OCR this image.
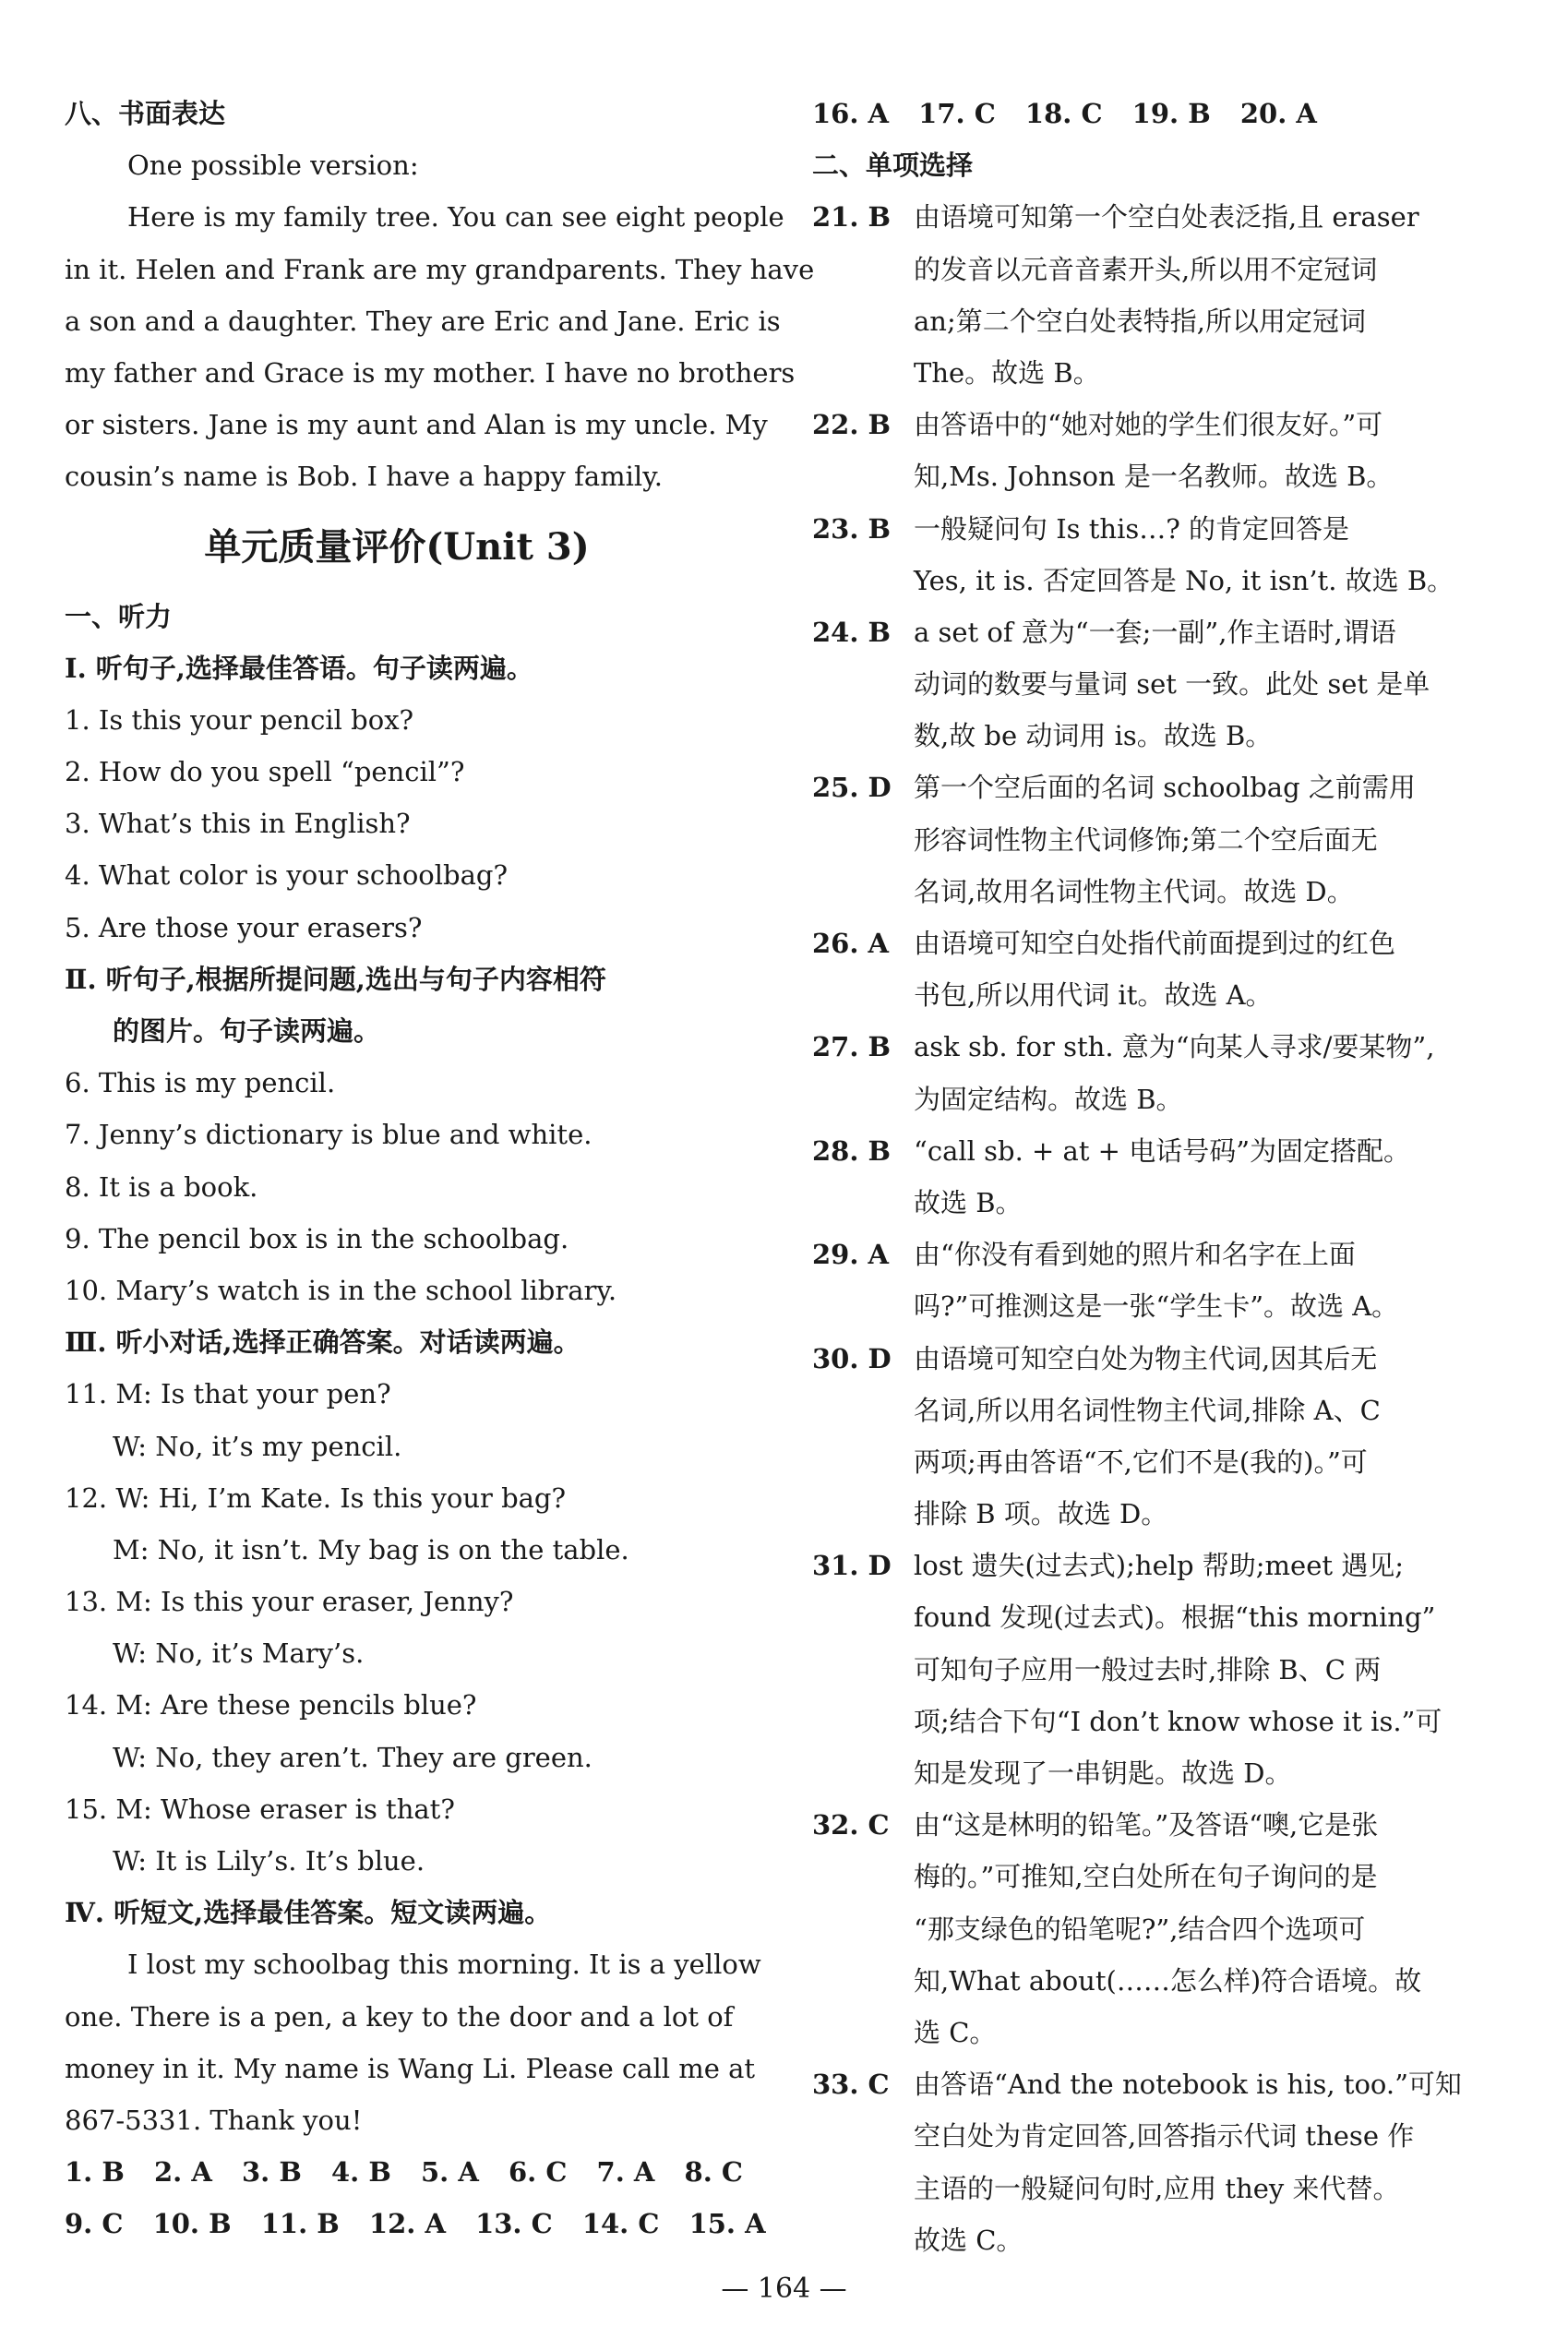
八、书面表达
One possible version:
Here is my family tree. You can see eight people
in it. Helen and Frank are my grandparents. They have
a son and a daughter. They are Eric and Jane. Eric is
my father and Grace is my mother. I have no brothers
or sisters. Jane is my aunt and Alan is my uncle. My
cousin’s name is Bob. I have a happy family.
单元质量评价(Unit 3)
一、听力
Ⅰ. 听句子,选择最佳答语。句子读两遍。
1. Is this your pencil box?
2. How do you spell “pencil”?
3. What’s this in English?
4. What color is your schoolbag?
5. Are those your erasers?
Ⅱ. 听句子,根据所提问题,选出与句子内容相符
的图片。句子读两遍。
6. This is my pencil.
7. Jenny’s dictionary is blue and white.
8. It is a book.
9. The pencil box is in the schoolbag.
10. Mary’s watch is in the school library.
Ⅲ. 听小对话,选择正确答案。对话读两遍。
11. M: Is that your pen?
W: No, it’s my pencil.
12. W: Hi, I’m Kate. Is this your bag?
M: No, it isn’t. My bag is on the table.
13. M: Is this your eraser, Jenny?
W: No, it’s Mary’s.
14. M: Are these pencils blue?
W: No, they aren’t. They are green.
15. M: Whose eraser is that?
W: It is Lily’s. It’s blue.
Ⅳ. 听短文,选择最佳答案。短文读两遍。
I lost my schoolbag this morning. It is a yellow
one. There is a pen, a key to the door and a lot of
money in it. My name is Wang Li. Please call me at
867-5331. Thank you!
1. B 2. A 3. B 4. B 5. A 6. C 7. A 8. C
9. C 10. B 11. B 12. A 13. C 14. C 15. A
16. A 17. C 18. C 19. B 20. A
二、单项选择
21. B 由语境可知第一个空白处表泛指,且 eraser
的发音以元音音素开头,所以用不定冠词
an;第二个空白处表特指,所以用定冠词
The。故选 B。
22. B 由答语中的“她对她的学生们很友好。”可
知,Ms. Johnson 是一名教师。故选 B。
23. B 一般疑问句 Is this…? 的肯定回答是
Yes, it is. 否定回答是 No, it isn’t. 故选 B。
24. B a set of 意为“一套;一副”,作主语时,谓语
动词的数要与量词 set 一致。此处 set 是单
数,故 be 动词用 is。故选 B。
25. D 第一个空后面的名词 schoolbag 之前需用
形容词性物主代词修饰;第二个空后面无
名词,故用名词性物主代词。故选 D。
26. A 由语境可知空白处指代前面提到过的红色
书包,所以用代词 it。故选 A。
27. B ask sb. for sth. 意为“向某人寻求/要某物”,
为固定结构。故选 B。
28. B “call sb. + at + 电话号码”为固定搭配。
故选 B。
29. A 由“你没有看到她的照片和名字在上面
吗?”可推测这是一张“学生卡”。故选 A。
30. D 由语境可知空白处为物主代词,因其后无
名词,所以用名词性物主代词,排除 A、C
两项;再由答语“不,它们不是(我的)。”可
排除 B 项。故选 D。
31. D lost 遗失(过去式);help 帮助;meet 遇见;
found 发现(过去式)。根据“this morning”
可知句子应用一般过去时,排除 B、C 两
项;结合下句“I don’t know whose it is.”可
知是发现了一串钥匙。故选 D。
32. C 由“这是林明的铅笔。”及答语“噢,它是张
梅的。”可推知,空白处所在句子询问的是
“那支绿色的铅笔呢?”,结合四个选项可
知,What about(……怎么样)符合语境。故
选 C。
33. C 由答语“And the notebook is his, too.”可知
空白处为肯定回答,回答指示代词 these 作
主语的一般疑问句时,应用 they 来代替。
故选 C。
— 164 —
